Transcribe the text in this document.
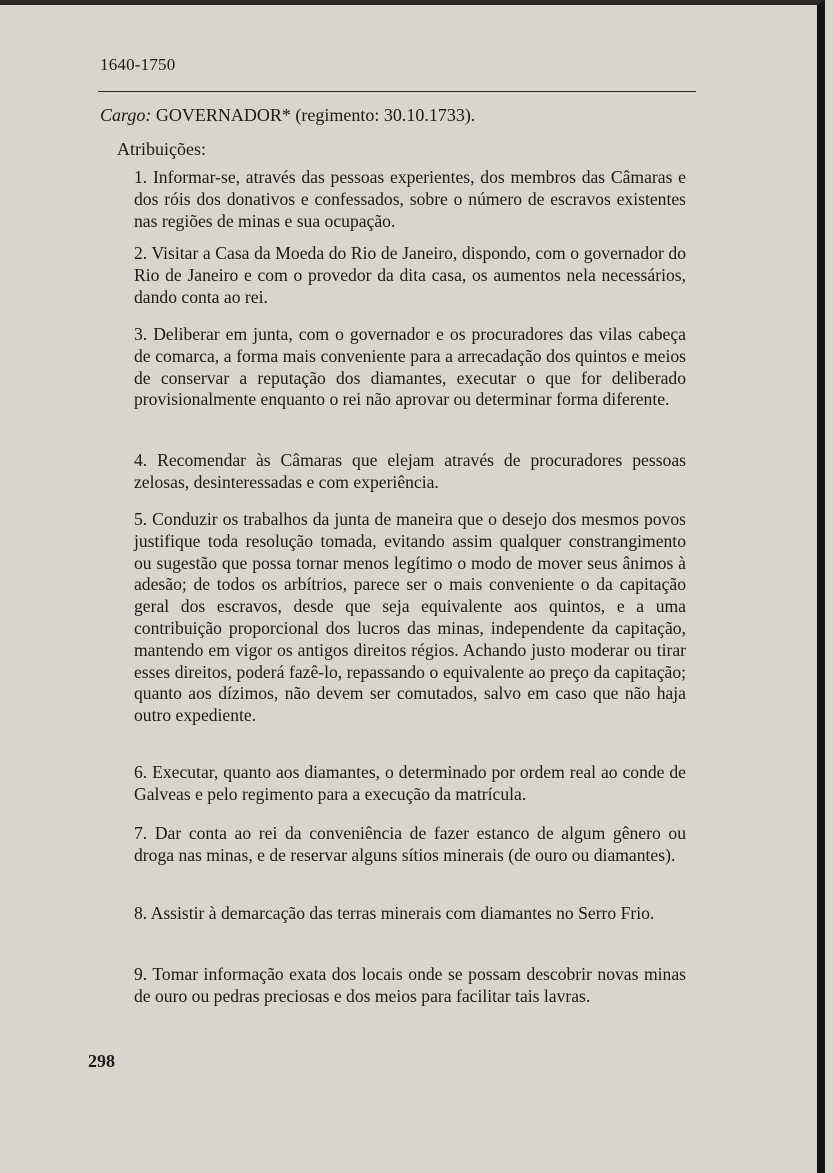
1640-1750
Cargo: GOVERNADOR* (regimento: 30.10.1733).
Atribuições:

1. Informar-se, através das pessoas experientes, dos membros das Câmaras e dos róis dos donativos e confessados, sobre o número de escravos existentes nas regiões de minas e sua ocupação.

2. Visitar a Casa da Moeda do Rio de Janeiro, dispondo, com o governador do Rio de Janeiro e com o provedor da dita casa, os aumentos nela necessários, dando conta ao rei.

3. Deliberar em junta, com o governador e os procuradores das vilas cabeça de comarca, a forma mais conveniente para a arrecadação dos quintos e meios de conservar a reputação dos diamantes, executar o que for deliberado provisionalmente enquanto o rei não aprovar ou determinar forma diferente.

4. Recomendar às Câmaras que elejam através de procuradores pessoas zelosas, desinteressadas e com experiência.

5. Conduzir os trabalhos da junta de maneira que o desejo dos mesmos povos justifique toda resolução tomada, evitando assim qualquer constrangimento ou sugestão que possa tornar menos legítimo o modo de mover seus ânimos à adesão; de todos os arbítrios, parece ser o mais conveniente o da capitação geral dos escravos, desde que seja equivalente aos quintos, e a uma contribuição proporcional dos lucros das minas, independente da capitação, mantendo em vigor os antigos direitos régios. Achando justo moderar ou tirar esses direitos, poderá fazê-lo, repassando o equivalente ao preço da capitação; quanto aos dízimos, não devem ser comutados, salvo em caso que não haja outro expediente.

6. Executar, quanto aos diamantes, o determinado por ordem real ao conde de Galveas e pelo regimento para a execução da matrícula.

7. Dar conta ao rei da conveniência de fazer estanco de algum gênero ou droga nas minas, e de reservar alguns sítios minerais (de ouro ou diamantes).

8. Assistir à demarcação das terras minerais com diamantes no Serro Frio.

9. Tomar informação exata dos locais onde se possam descobrir novas minas de ouro ou pedras preciosas e dos meios para facilitar tais lavras.

298
